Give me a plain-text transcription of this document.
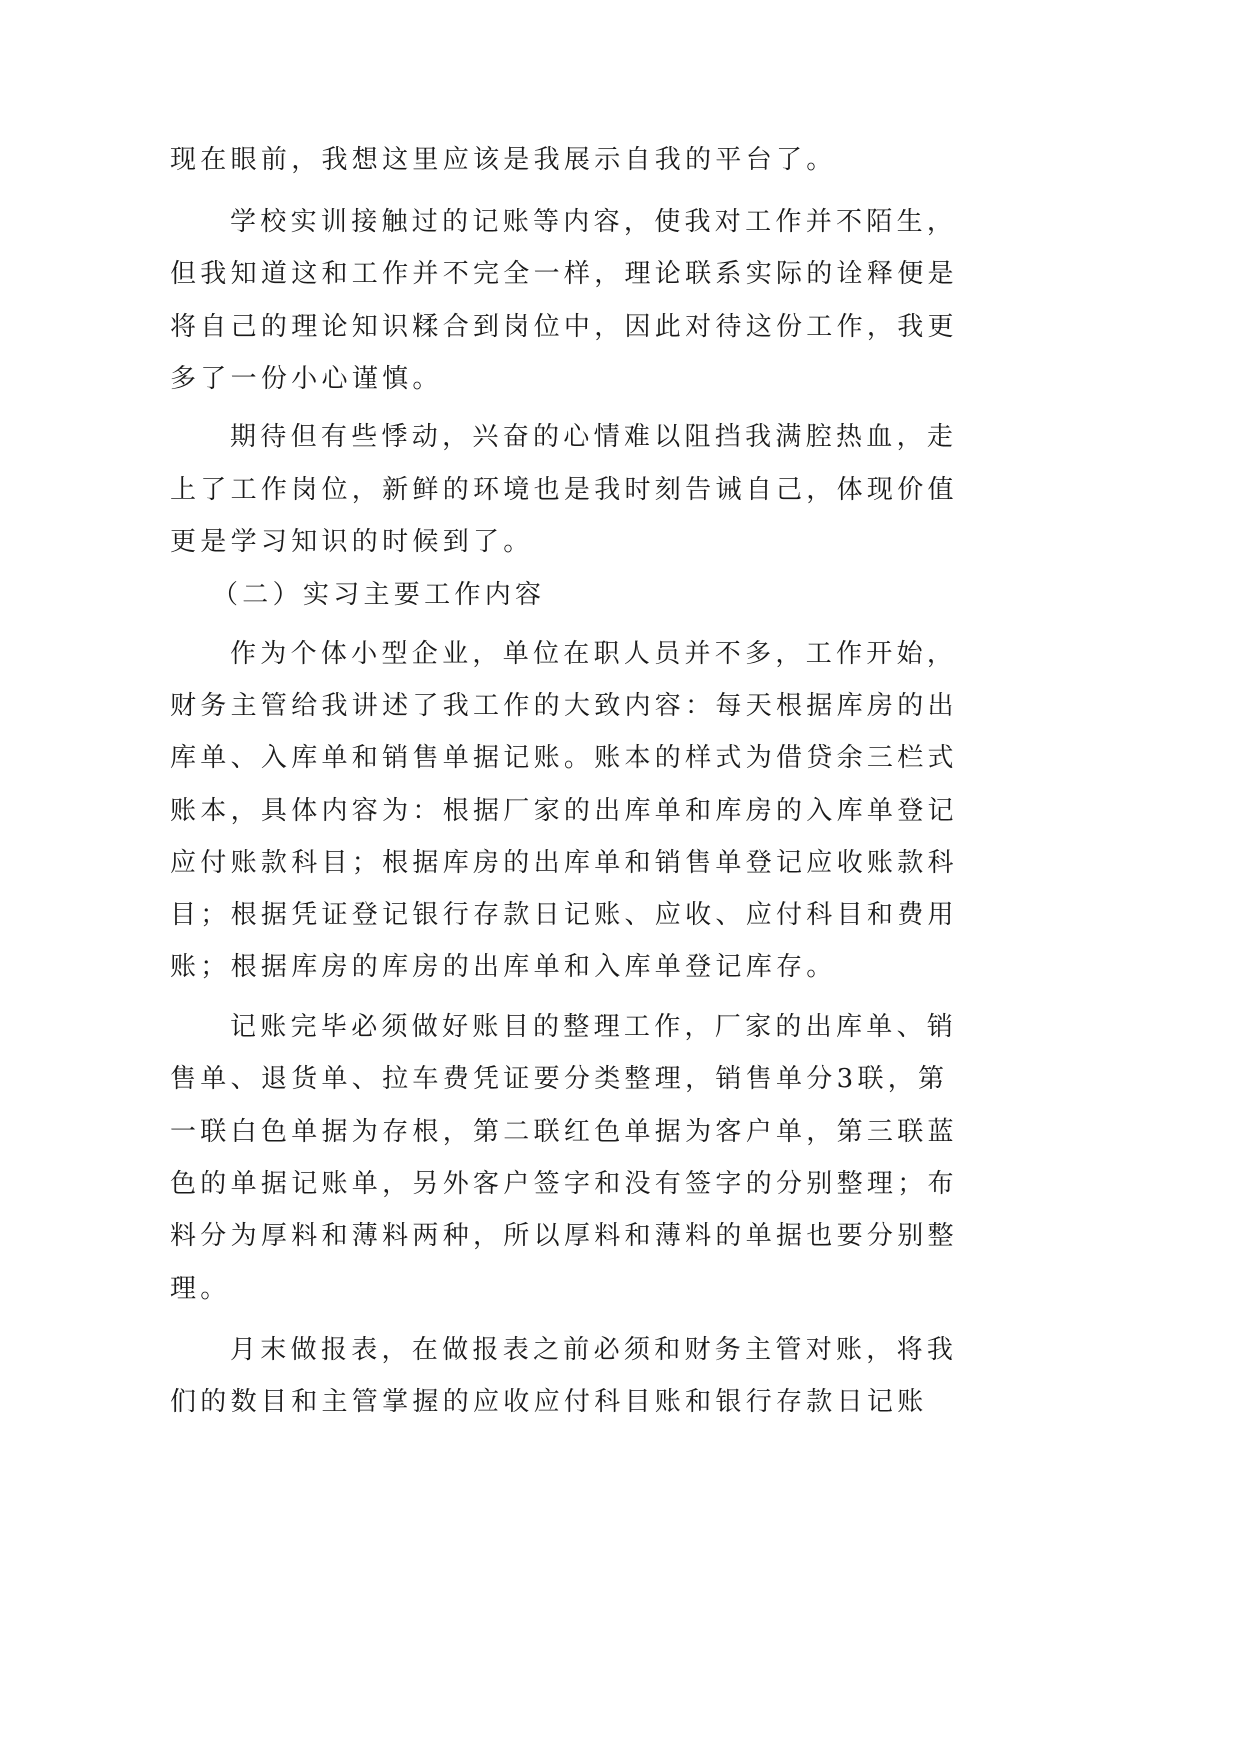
现在眼前，我想这里应该是我展示自我的平台了。
学校实训接触过的记账等内容，使我对工作并不陌生，
但我知道这和工作并不完全一样，理论联系实际的诠释便是
将自己的理论知识糅合到岗位中，因此对待这份工作，我更
多了一份小心谨慎。
期待但有些悸动，兴奋的心情难以阻挡我满腔热血，走
上了工作岗位，新鲜的环境也是我时刻告诫自己，体现价值
更是学习知识的时候到了。
（二）实习主要工作内容
作为个体小型企业，单位在职人员并不多，工作开始，
财务主管给我讲述了我工作的大致内容：每天根据库房的出
库单、入库单和销售单据记账。账本的样式为借贷余三栏式
账本，具体内容为：根据厂家的出库单和库房的入库单登记
应付账款科目；根据库房的出库单和销售单登记应收账款科
目；根据凭证登记银行存款日记账、应收、应付科目和费用
账；根据库房的库房的出库单和入库单登记库存。
记账完毕必须做好账目的整理工作，厂家的出库单、销
售单、退货单、拉车费凭证要分类整理，销售单分3联，第
一联白色单据为存根，第二联红色单据为客户单，第三联蓝
色的单据记账单，另外客户签字和没有签字的分别整理；布
料分为厚料和薄料两种，所以厚料和薄料的单据也要分别整
理。
月末做报表，在做报表之前必须和财务主管对账，将我
们的数目和主管掌握的应收应付科目账和银行存款日记账
